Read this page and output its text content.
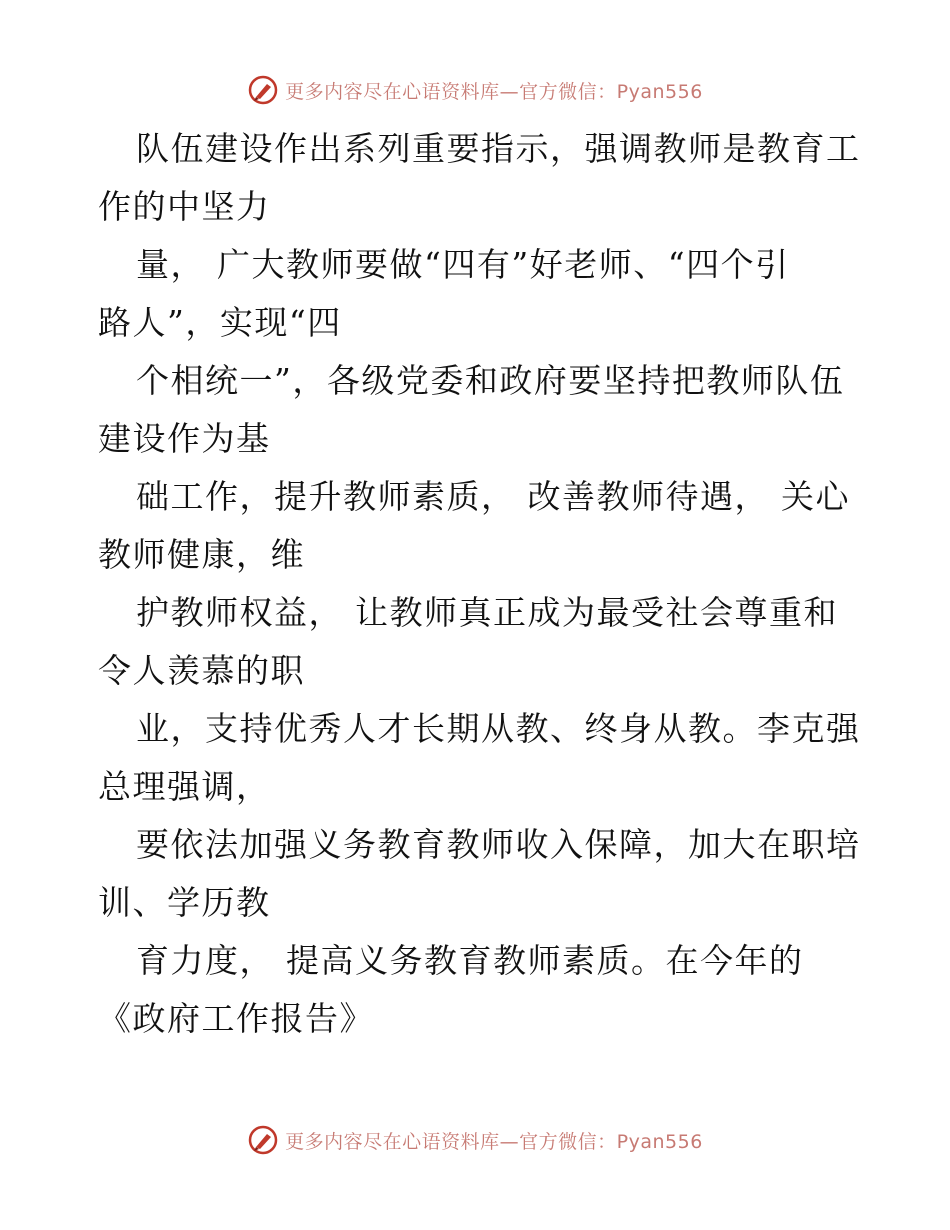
更多内容尽在心语资料库—官方微信：Pyan556
队伍建设作出系列重要指示，强调教师是教育工
作的中坚力
量， 广大教师要做“四有”好老师、“四个引
路人”，实现“四
个相统一”，各级党委和政府要坚持把教师队伍
建设作为基
础工作，提升教师素质， 改善教师待遇， 关心
教师健康，维
护教师权益， 让教师真正成为最受社会尊重和
令人羡慕的职
业，支持优秀人才长期从教、终身从教。李克强
总理强调，
要依法加强义务教育教师收入保障，加大在职培
训、学历教
育力度， 提高义务教育教师素质。在今年的
《政府工作报告》
更多内容尽在心语资料库—官方微信：Pyan556
